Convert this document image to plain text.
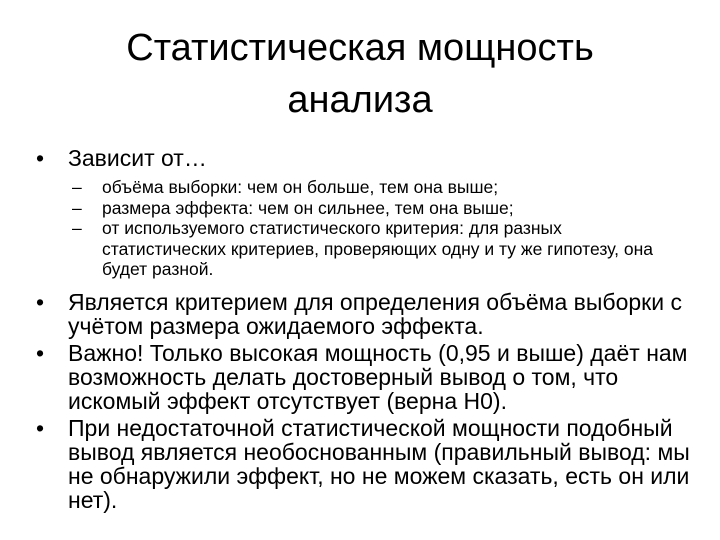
Статистическая мощность
анализа
• Зависит от…
– объёма выборки: чем он больше, тем она выше;
– размера эффекта: чем он сильнее, тем она выше;
– от используемого статистического критерия: для разных статистических критериев, проверяющих одну и ту же гипотезу, она будет разной.
• Является критерием для определения объёма выборки с учётом размера ожидаемого эффекта.
• Важно! Только высокая мощность (0,95 и выше) даёт нам возможность делать достоверный вывод о том, что искомый эффект отсутствует (верна H0).
• При недостаточной статистической мощности подобный вывод является необоснованным (правильный вывод: мы не обнаружили эффект, но не можем сказать, есть он или нет).
